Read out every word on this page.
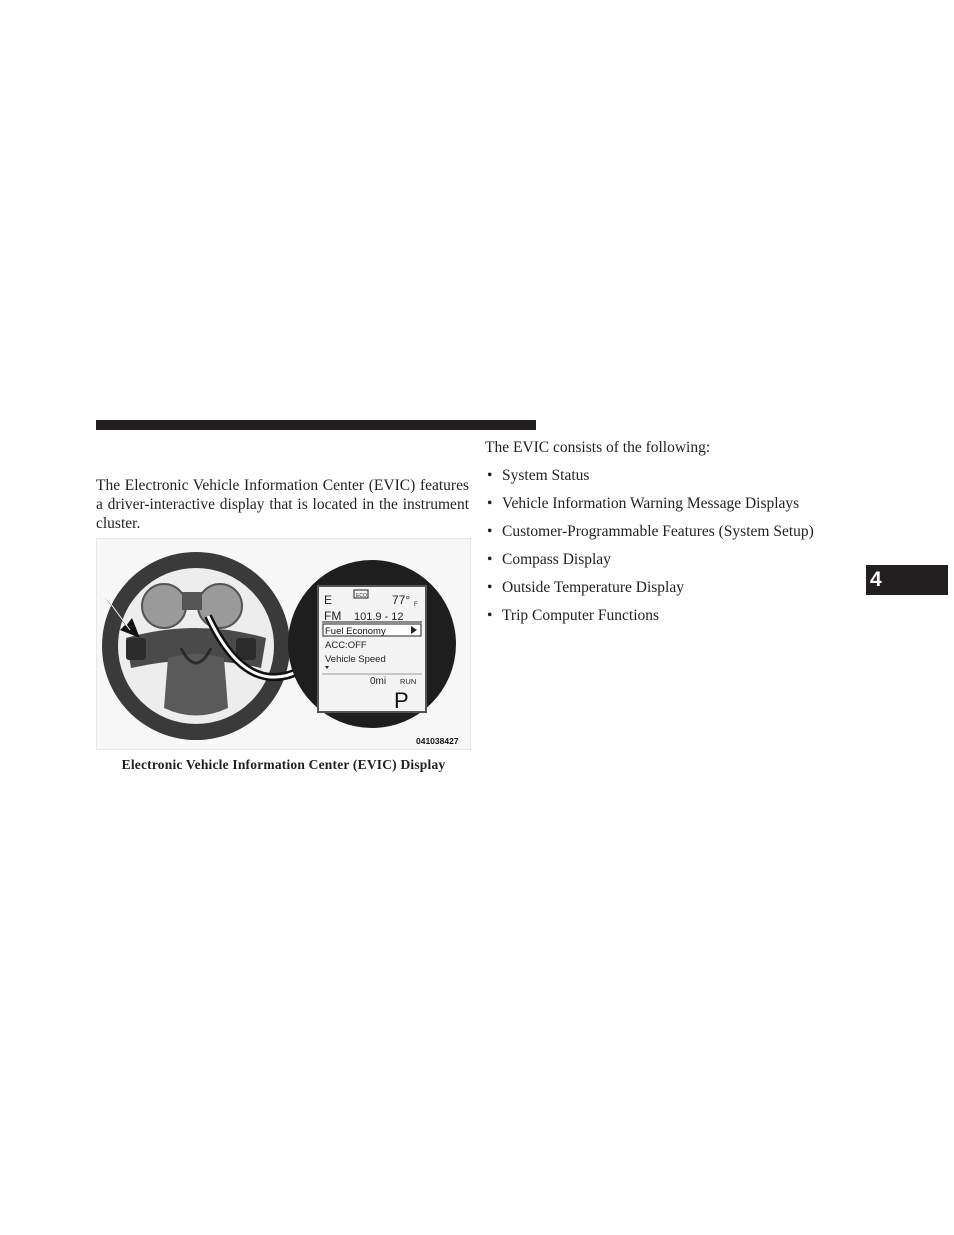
The Electronic Vehicle Information Center (EVIC) features a driver-interactive display that is located in the instrument cluster.

E	ECO 77° F
FM 101.9 - 12
Fuel Economy
ACC:OFF
Vehicle Speed
0mi RUN
P
041038427

Electronic Vehicle Information Center (EVIC) Display

The EVIC consists of the following:

• System Status
• Vehicle Information Warning Message Displays
• Customer-Programmable Features (System Setup)
• Compass Display
• Outside Temperature Display
• Trip Computer Functions
4
